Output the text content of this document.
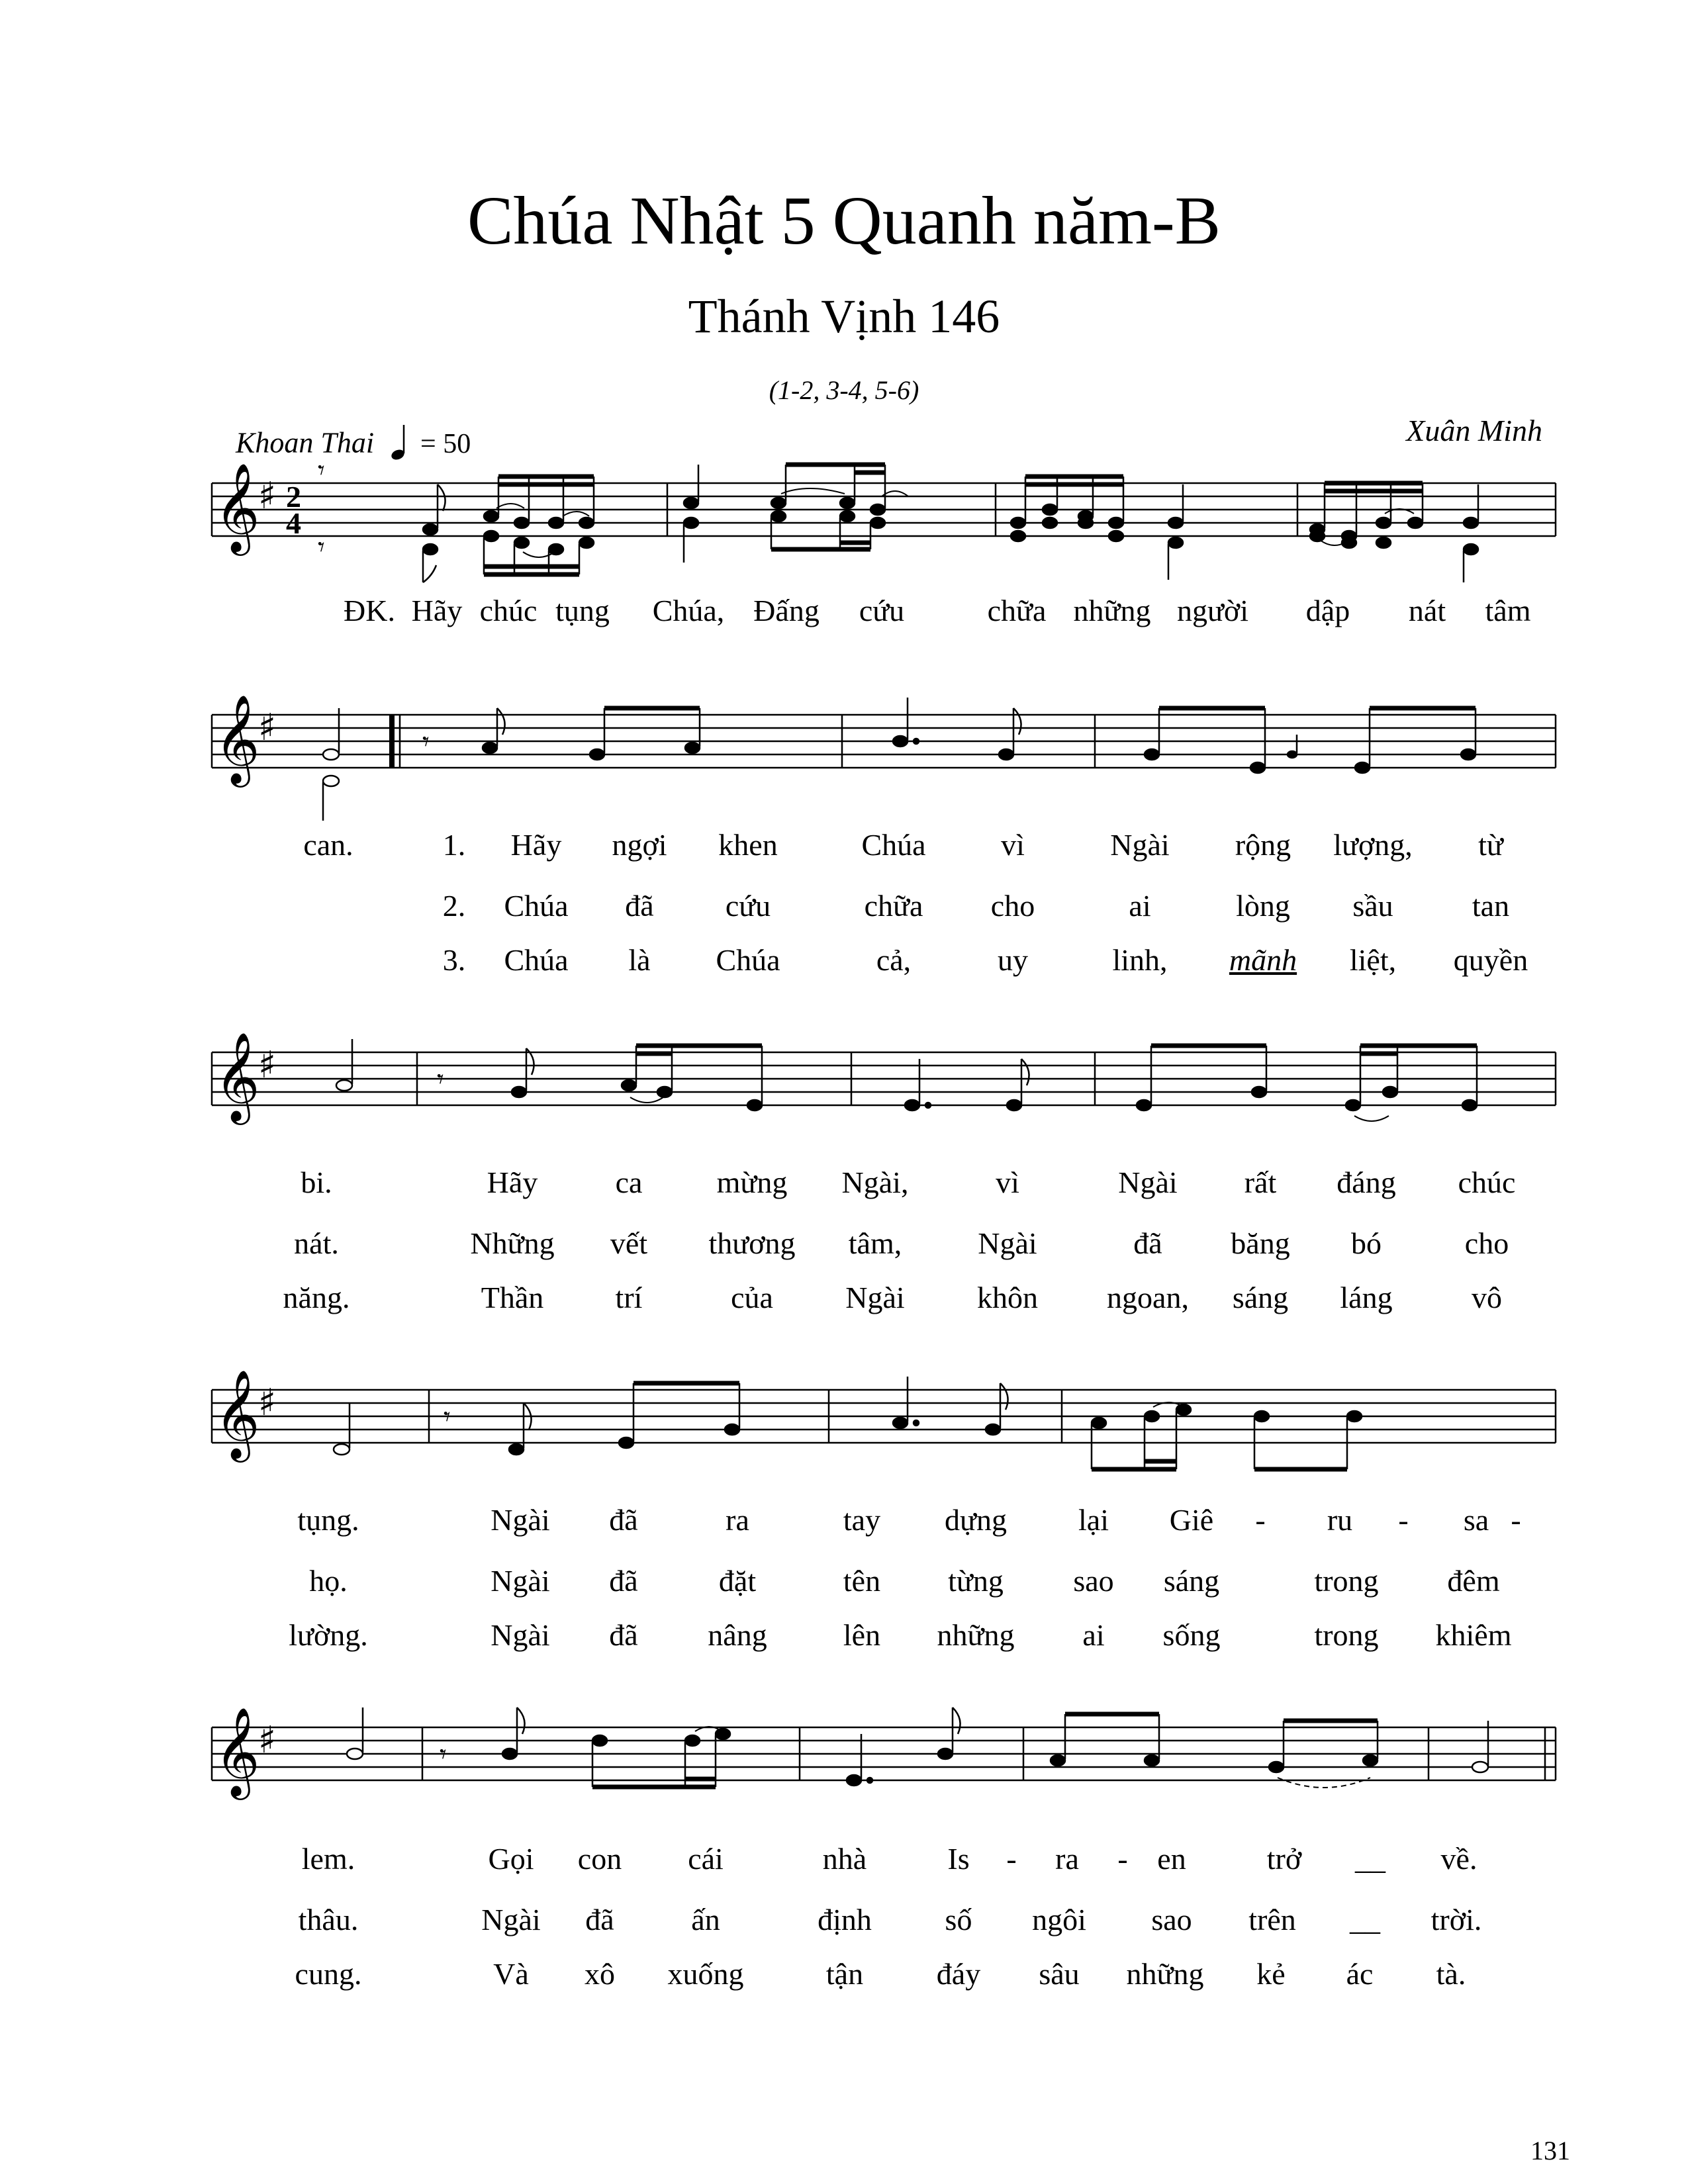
Chúa Nhật 5 Quanh năm-B
Thánh Vịnh 146
(1-2, 3-4, 5-6)
Khoan Thai = 50	Xuân Minh
𝄞
♯ 2
4
𝄾
𝄾
ĐK. Hãy chúc tụng Chúa, Đấng cứu	chữa những người dập nát tâm
𝄞
♯	𝄾
can.	1. Hãy ngợi khen	Chúa vì	Ngài rộng lượng, từ
2. Chúa đã cứu	chữa cho	ai	lòng sầu	tan
3. Chúa là Chúa	cả,	uy	linh, mãnh liệt, quyền
𝄞
♯	𝄾
bi.	Hãy	ca mừng Ngài,	vì	Ngài rất đáng chúc
nát.	Những vết thương tâm,	Ngài	đã băng bó	cho
năng.	Thần trí	của Ngài khôn ngoan, sáng láng	vô
𝄞
♯	𝄾
tụng.	Ngài đã	ra	tay dựng lại Giê - ru - sa -
họ.	Ngài đã	đặt	tên từng sao sáng	trong đêm
lường.	Ngài đã nâng	lên những ai sống	trong khiêm
𝄞
♯	𝄾
lem.	Gọi con cái	nhà	Is - ra - en	trở __ về.
thâu.	Ngài đã	ấn	định số ngôi sao trên __ trời.
cung.	Và xô xuống	tận đáy sâu những kẻ ác tà.
131
